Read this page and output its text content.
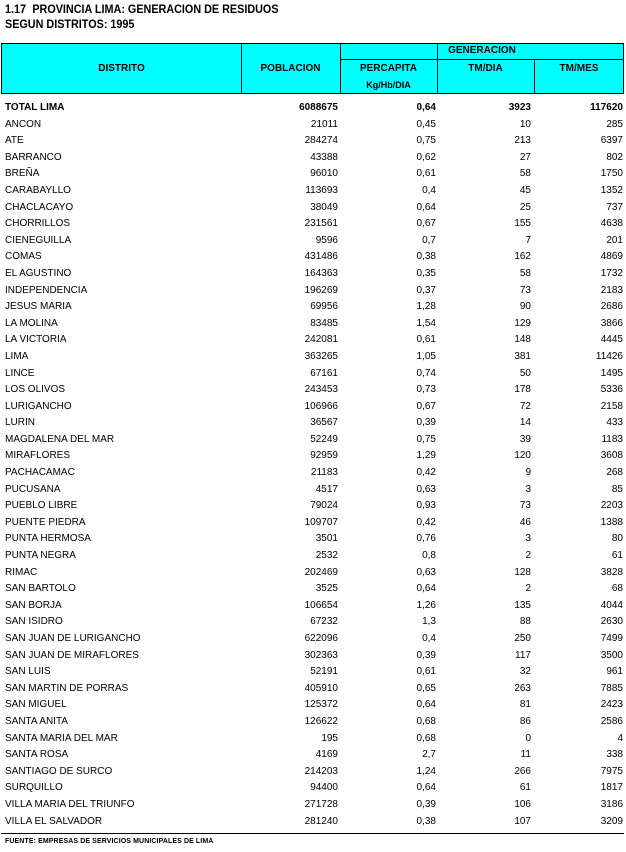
1.17 PROVINCIA LIMA: GENERACION DE RESIDUOS
SEGUN DISTRITOS: 1995
DISTRITO	POBLACION
GENERACION
PERCAPITA
Kg/Hb/DIA
TM/DIA	TM/MES
TOTAL LIMA	6088675	0,64	3923	117620
ANCON	21011	0,45	10	285
ATE	284274	0,75	213	6397
BARRANCO	43388	0,62	27	802
BREÑA	96010	0,61	58	1750
CARABAYLLO	113693	0,4	45	1352
CHACLACAYO	38049	0,64	25	737
CHORRILLOS	231561	0,67	155	4638
CIENEGUILLA	9596	0,7	7	201
COMAS	431486	0,38	162	4869
EL AGUSTINO	164363	0,35	58	1732
INDEPENDENCIA	196269	0,37	73	2183
JESUS MARIA	69956	1,28	90	2686
LA MOLINA	83485	1,54	129	3866
LA VICTORIA	242081	0,61	148	4445
LIMA	363265	1,05	381	11426
LINCE	67161	0,74	50	1495
LOS OLIVOS	243453	0,73	178	5336
LURIGANCHO	106966	0,67	72	2158
LURIN	36567	0,39	14	433
MAGDALENA DEL MAR	52249	0,75	39	1183
MIRAFLORES	92959	1,29	120	3608
PACHACAMAC	21183	0,42	9	268
PUCUSANA	4517	0,63	3	85
PUEBLO LIBRE	79024	0,93	73	2203
PUENTE PIEDRA	109707	0,42	46	1388
PUNTA HERMOSA	3501	0,76	3	80
PUNTA NEGRA	2532	0,8	2	61
RIMAC	202469	0,63	128	3828
SAN BARTOLO	3525	0,64	2	68
SAN BORJA	106654	1,26	135	4044
SAN ISIDRO	67232	1,3	88	2630
SAN JUAN DE LURIGANCHO	622096	0,4	250	7499
SAN JUAN DE MIRAFLORES	302363	0,39	117	3500
SAN LUIS	52191	0,61	32	961
SAN MARTIN DE PORRAS	405910	0,65	263	7885
SAN MIGUEL	125372	0,64	81	2423
SANTA ANITA	126622	0,68	86	2586
SANTA MARIA DEL MAR	195	0,68	0	4
SANTA ROSA	4169	2,7	11	338
SANTIAGO DE SURCO	214203	1,24	266	7975
SURQUILLO	94400	0,64	61	1817
VILLA MARIA DEL TRIUNFO	271728	0,39	106	3186
VILLA EL SALVADOR	281240	0,38	107	3209
FUENTE: EMPRESAS DE SERVICIOS MUNICIPALES DE LIMA
